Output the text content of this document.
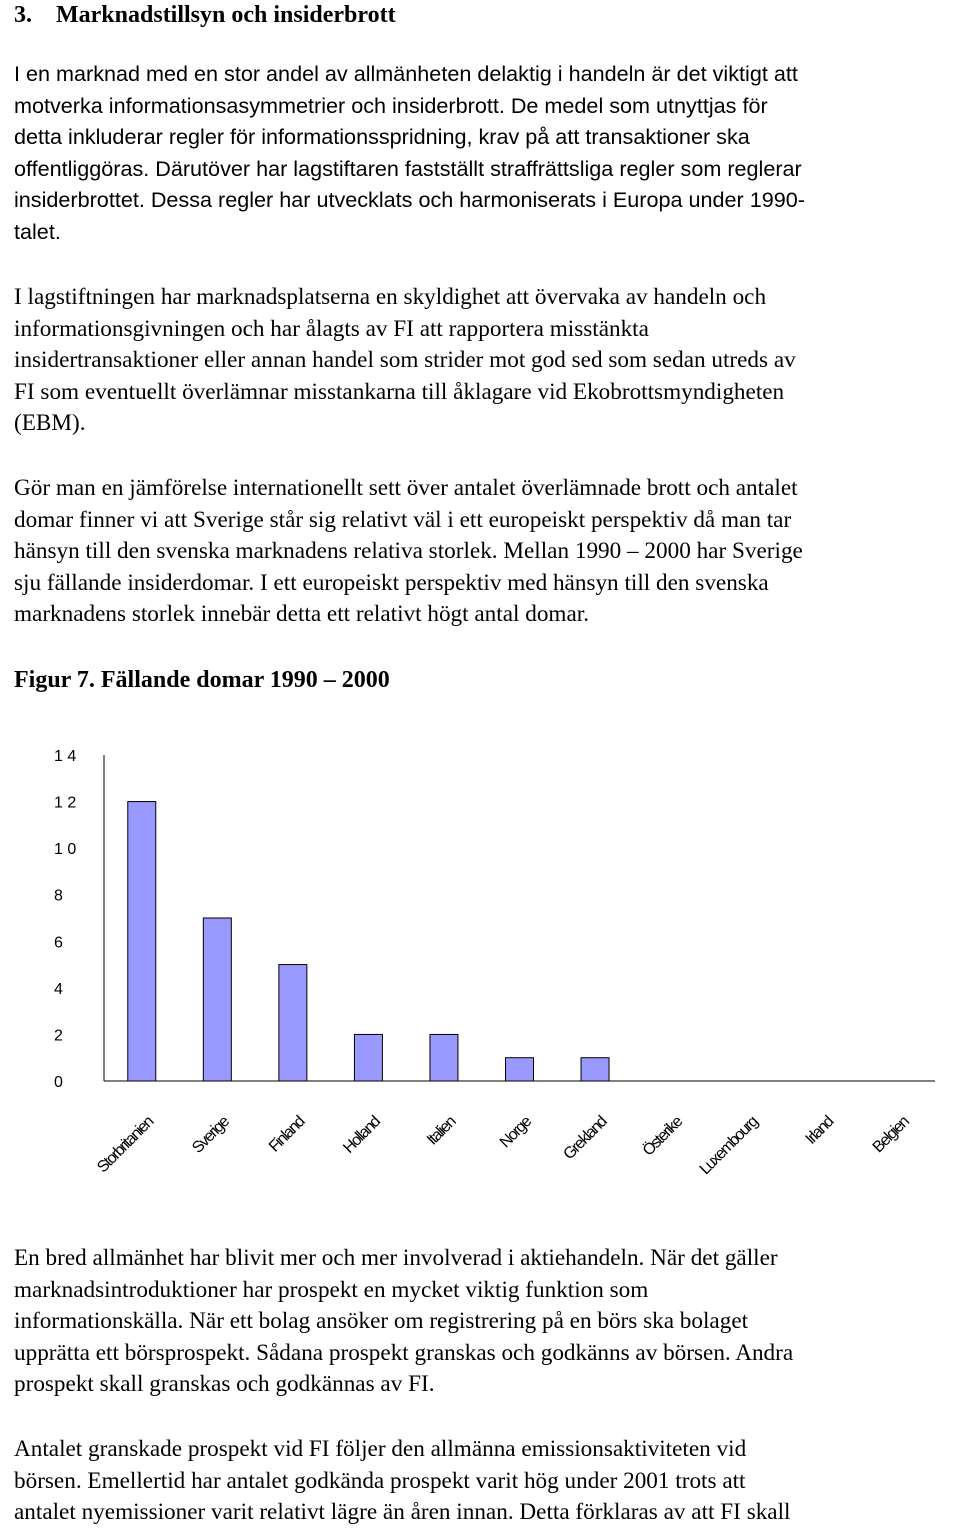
3. Marknadstillsyn och insiderbrott
I en marknad med en stor andel av allmänheten delaktig i handeln är det viktigt att
motverka informationsasymmetrier och insiderbrott. De medel som utnyttjas för
detta inkluderar regler för informationsspridning, krav på att transaktioner ska
offentliggöras. Därutöver har lagstiftaren fastställt straffrättsliga regler som reglerar
insiderbrottet. Dessa regler har utvecklats och harmoniserats i Europa under 1990-
talet.
I lagstiftningen har marknadsplatserna en skyldighet att övervaka av handeln och
informationsgivningen och har ålagts av FI att rapportera misstänkta
insidertransaktioner eller annan handel som strider mot god sed som sedan utreds av
FI som eventuellt överlämnar misstankarna till åklagare vid Ekobrottsmyndigheten
(EBM).
Gör man en jämförelse internationellt sett över antalet överlämnade brott och antalet
domar finner vi att Sverige står sig relativt väl i ett europeiskt perspektiv då man tar
hänsyn till den svenska marknadens relativa storlek. Mellan 1990 – 2000 har Sverige
sju fällande insiderdomar. I ett europeiskt perspektiv med hänsyn till den svenska
marknadens storlek innebär detta ett relativt högt antal domar.
Figur 7. Fällande domar 1990 – 2000
0
2
4
6
8
1 0
1 2
1 4
Storbritanien Sverige Finland Holland	Italien Norge Grekland Österike Luxembourg	Irland Belgien
En bred allmänhet har blivit mer och mer involverad i aktiehandeln. När det gäller
marknadsintroduktioner har prospekt en mycket viktig funktion som
informationskälla. När ett bolag ansöker om registrering på en börs ska bolaget
upprätta ett börsprospekt. Sådana prospekt granskas och godkänns av börsen. Andra
prospekt skall granskas och godkännas av FI.
Antalet granskade prospekt vid FI följer den allmänna emissionsaktiviteten vid
börsen. Emellertid har antalet godkända prospekt varit hög under 2001 trots att
antalet nyemissioner varit relativt lägre än åren innan. Detta förklaras av att FI skall
